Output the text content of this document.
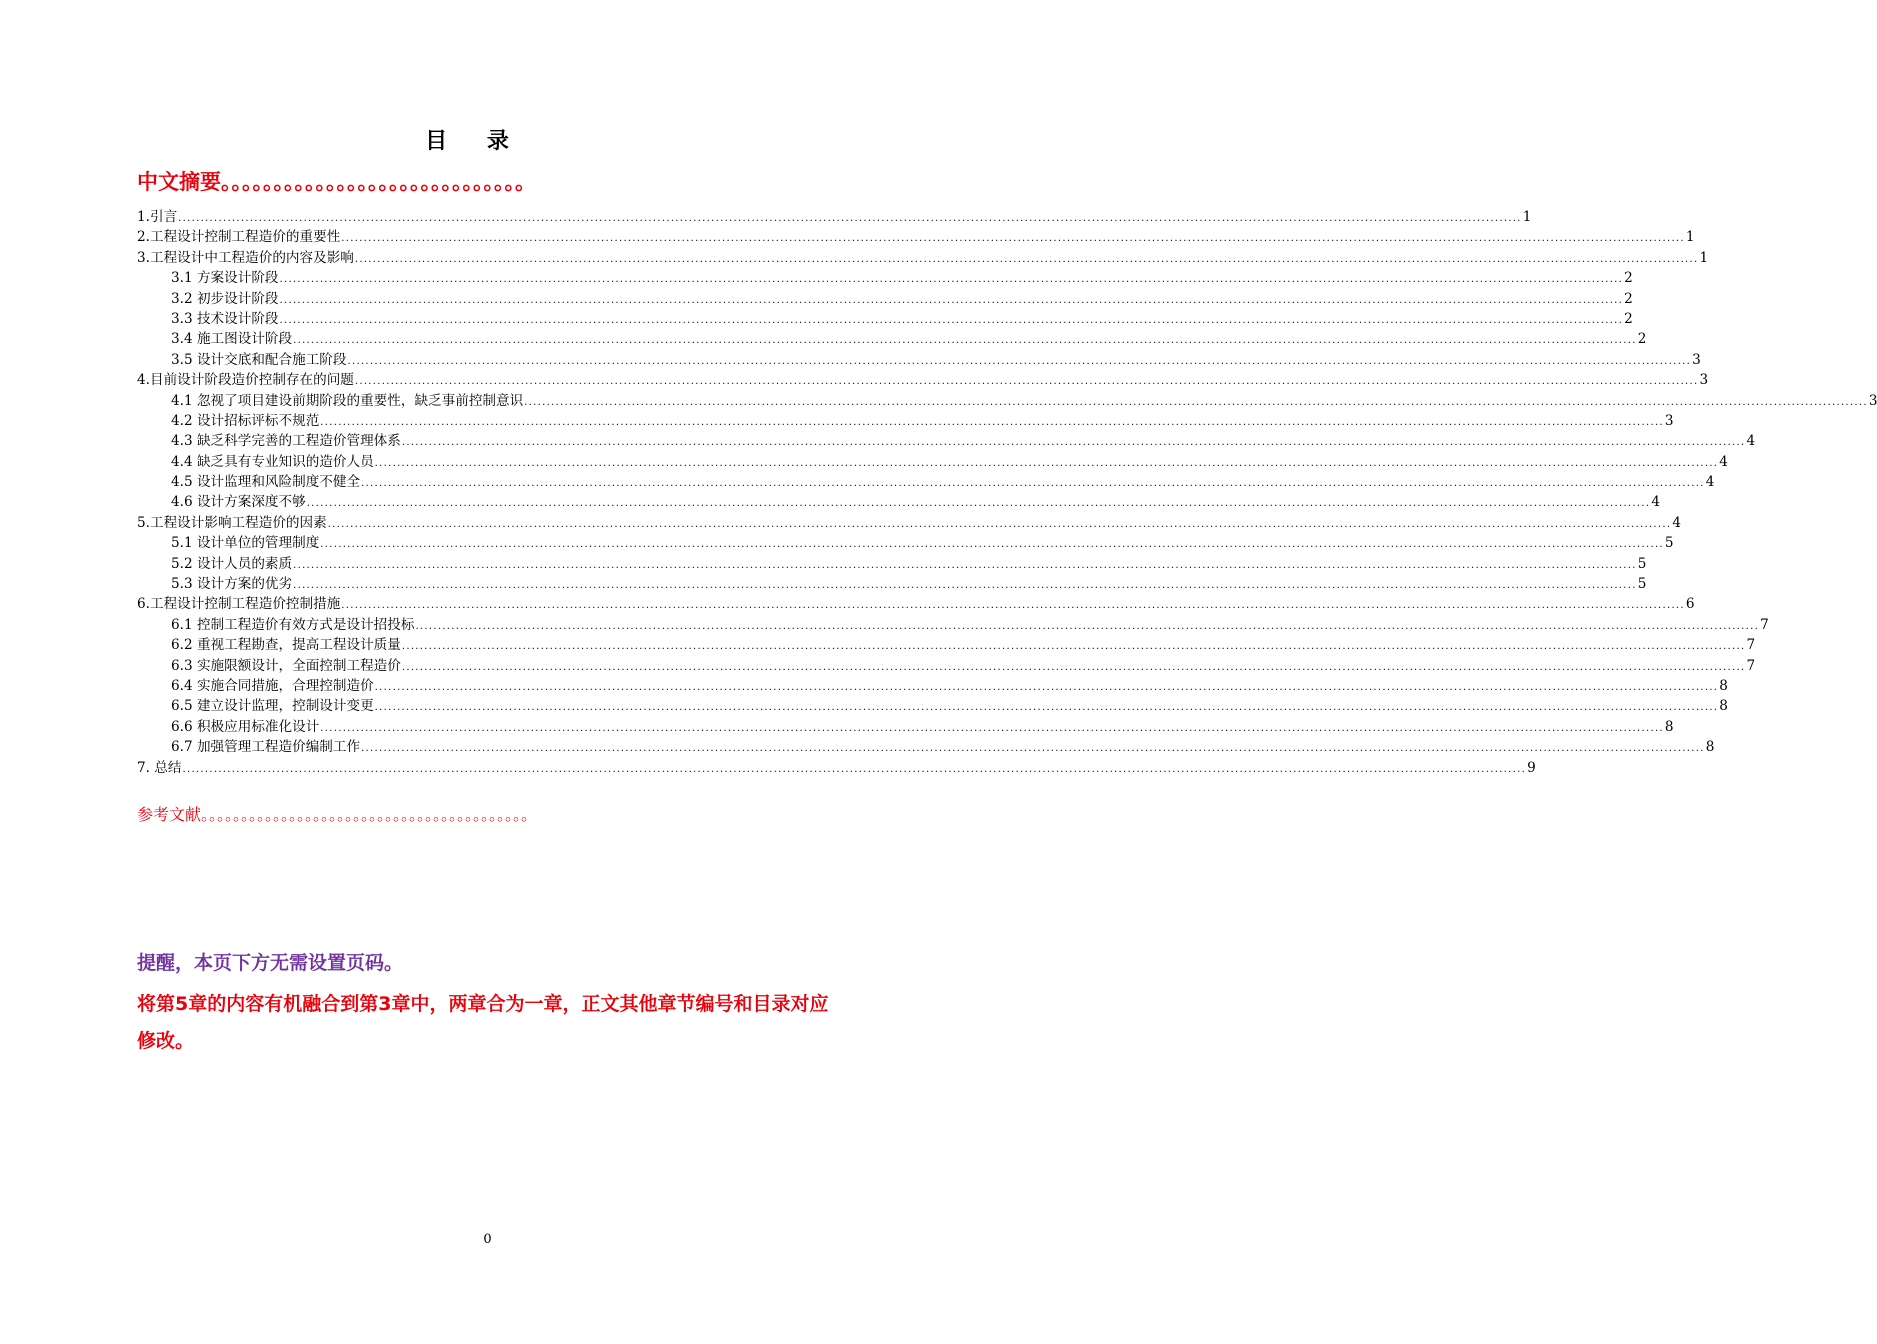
目 录
中文摘要。。。。。。。。。。。。。。。。。。。。。。。。。。。。。
1.引言 ............................................................................................................................................................................................................................................................................................................ 1
2.工程设计控制工程造价的重要性 ............................................................................................................................................................................................................................................................................................................ 1
3.工程设计中工程造价的内容及影响 ............................................................................................................................................................................................................................................................................................................ 1
3.1 方案设计阶段 ............................................................................................................................................................................................................................................................................................................ 2
3.2 初步设计阶段 ............................................................................................................................................................................................................................................................................................................ 2
3.3 技术设计阶段 ............................................................................................................................................................................................................................................................................................................ 2
3.4 施工图设计阶段 ............................................................................................................................................................................................................................................................................................................ 2
3.5 设计交底和配合施工阶段 ............................................................................................................................................................................................................................................................................................................ 3
4.目前设计阶段造价控制存在的问题 ............................................................................................................................................................................................................................................................................................................ 3
4.1 忽视了项目建设前期阶段的重要性，缺乏事前控制意识 ............................................................................................................................................................................................................................................................................................................ 3
4.2 设计招标评标不规范 ............................................................................................................................................................................................................................................................................................................ 3
4.3 缺乏科学完善的工程造价管理体系 ............................................................................................................................................................................................................................................................................................................ 4
4.4 缺乏具有专业知识的造价人员 ............................................................................................................................................................................................................................................................................................................ 4
4.5 设计监理和风险制度不健全 ............................................................................................................................................................................................................................................................................................................ 4
4.6 设计方案深度不够 ............................................................................................................................................................................................................................................................................................................ 4
5.工程设计影响工程造价的因素 ............................................................................................................................................................................................................................................................................................................ 4
5.1 设计单位的管理制度 ............................................................................................................................................................................................................................................................................................................ 5
5.2 设计人员的素质 ............................................................................................................................................................................................................................................................................................................ 5
5.3 设计方案的优劣 ............................................................................................................................................................................................................................................................................................................ 5
6.工程设计控制工程造价控制措施 ............................................................................................................................................................................................................................................................................................................ 6
6.1 控制工程造价有效方式是设计招投标 ............................................................................................................................................................................................................................................................................................................ 7
6.2 重视工程勘查，提高工程设计质量 ............................................................................................................................................................................................................................................................................................................ 7
6.3 实施限额设计，全面控制工程造价 ............................................................................................................................................................................................................................................................................................................ 7
6.4 实施合同措施，合理控制造价 ............................................................................................................................................................................................................................................................................................................ 8
6.5 建立设计监理，控制设计变更 ............................................................................................................................................................................................................................................................................................................ 8
6.6 积极应用标准化设计 ............................................................................................................................................................................................................................................................................................................ 8
6.7 加强管理工程造价编制工作 ............................................................................................................................................................................................................................................................................................................ 8
7. 总结 ............................................................................................................................................................................................................................................................................................................ 9
参考文献。。。。。。。。。。。。。。。。。。。。。。。。。。。。。。。。。。。。。。。。。
提醒，本页下方无需设置页码。
将第5章的内容有机融合到第3章中，两章合为一章，正文其他章节编号和目录对应修改。
0
